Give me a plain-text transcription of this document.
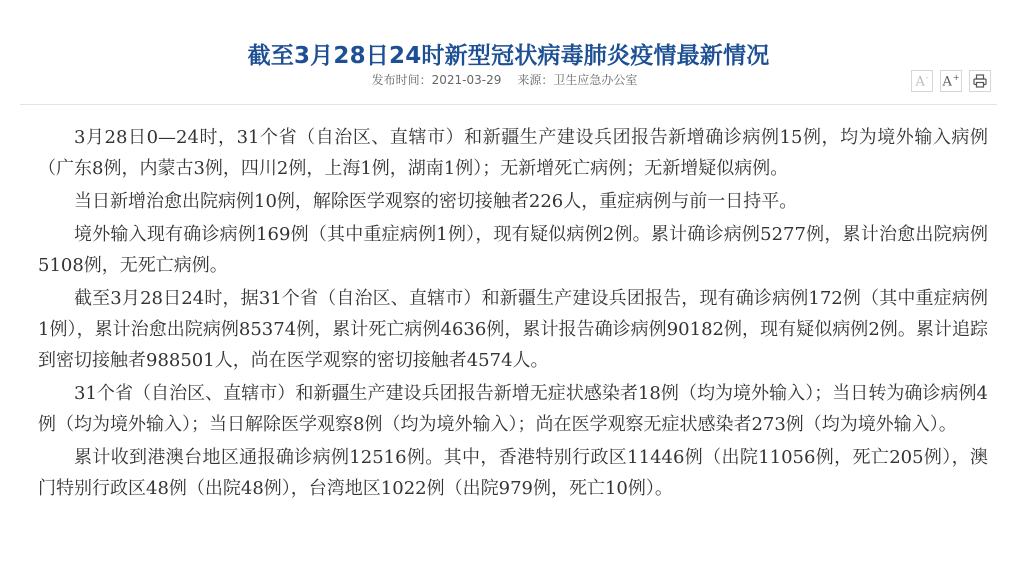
截至3月28日24时新型冠状病毒肺炎疫情最新情况
发布时间：2021-03-29 来源：卫生应急办公室	A- A+

3月28日0—24时，31个省（自治区、直辖市）和新疆生产建设兵团报告新增确诊病例15例，均为境外输入病例（广东8例，内蒙古3例，四川2例，上海1例，湖南1例）；无新增死亡病例；无新增疑似病例。

当日新增治愈出院病例10例，解除医学观察的密切接触者226人，重症病例与前一日持平。

境外输入现有确诊病例169例（其中重症病例1例），现有疑似病例2例。累计确诊病例5277例，累计治愈出院病例5108例，无死亡病例。

截至3月28日24时，据31个省（自治区、直辖市）和新疆生产建设兵团报告，现有确诊病例172例（其中重症病例1例），累计治愈出院病例85374例，累计死亡病例4636例，累计报告确诊病例90182例，现有疑似病例2例。累计追踪到密切接触者988501人，尚在医学观察的密切接触者4574人。

31个省（自治区、直辖市）和新疆生产建设兵团报告新增无症状感染者18例（均为境外输入）；当日转为确诊病例4例（均为境外输入）；当日解除医学观察8例（均为境外输入）；尚在医学观察无症状感染者273例（均为境外输入）。

累计收到港澳台地区通报确诊病例12516例。其中，香港特别行政区11446例（出院11056例，死亡205例），澳门特别行政区48例（出院48例），台湾地区1022例（出院979例，死亡10例）。
